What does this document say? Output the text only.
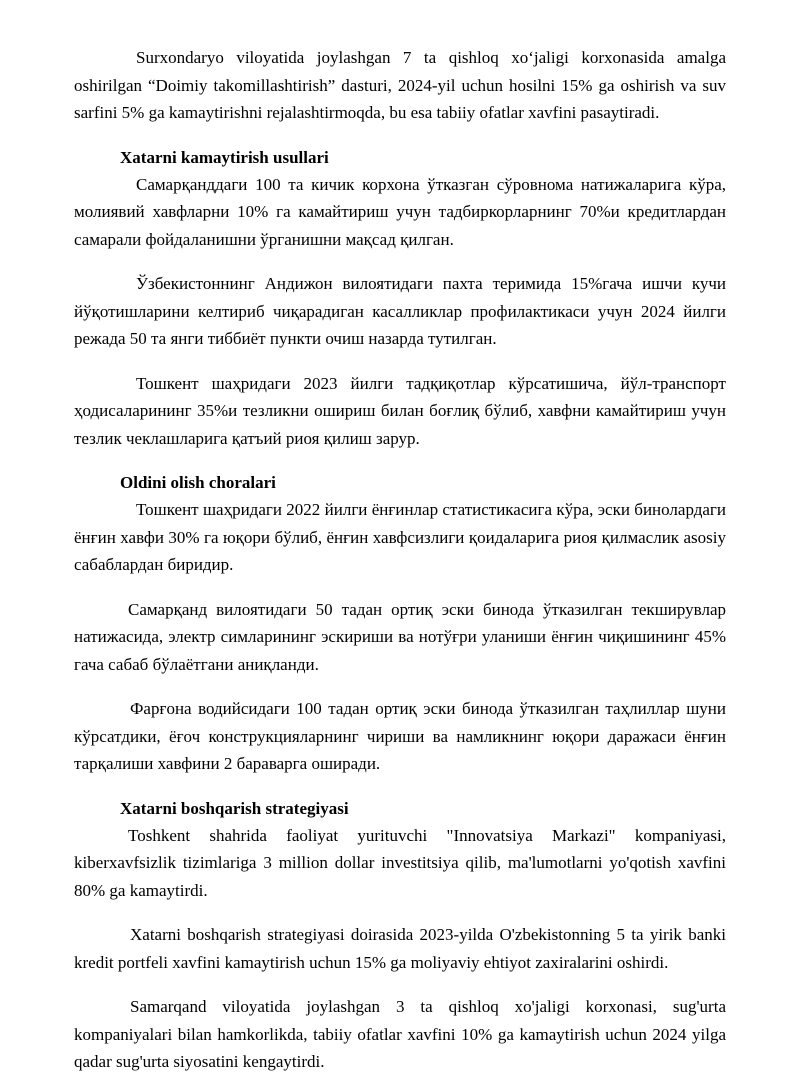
Surxondaryo viloyatida joylashgan 7 ta qishloq xo‘jaligi korxonasida amalga oshirilgan “Doimiy takomillashtirish” dasturi, 2024-yil uchun hosilni 15% ga oshirish va suv sarfini 5% ga kamaytirishni rejalashtirmoqda, bu esa tabiiy ofatlar xavfini pasaytiradi.

Xatarni kamaytirish usullari

Самарқанддаги 100 та кичик корхона ўтказган сўровнома натижаларига кўра, молиявий хавфларни 10% га камайтириш учун тадбиркорларнинг 70%и кредитлардан самарали фойдаланишни ўрганишни мақсад қилган.

Ўзбекистоннинг Андижон вилоятидаги пахта теримида 15%гача ишчи кучи йўқотишларини келтириб чиқарадиган касалликлар профилактикаси учун 2024 йилги режада 50 та янги тиббиёт пункти очиш назарда тутилган.

Тошкент шаҳридаги 2023 йилги тадқиқотлар кўрсатишича, йўл-транспорт ҳодисаларининг 35%и тезликни ошириш билан боғлиқ бўлиб, хавфни камайтириш учун тезлик чеклашларига қатъий риоя қилиш зарур.

Oldini olish choralari

Тошкент шаҳридаги 2022 йилги ёнғинлар статистикасига кўра, эски бинолардаги ёнғин хавфи 30% га юқори бўлиб, ёнғин хавфсизлиги қоидаларига риоя қилмаслик asosiy сабаблардан биридир.

Самарқанд вилоятидаги 50 тадан ортиқ эски бинода ўтказилган текширувлар натижасида, электр симларининг эскириши ва нотўғри уланиши ёнғин чиқишининг 45% гача сабаб бўлаётгани аниқланди.

Фарғона водийсидаги 100 тадан ортиқ эски бинода ўтказилган таҳлиллар шуни кўрсатдики, ёғоч конструкцияларнинг чириши ва намликнинг юқори даражаси ёнғин тарқалиши хавфини 2 бараварга оширади.

Xatarni boshqarish strategiyasi

Toshkent shahrida faoliyat yurituvchi "Innovatsiya Markazi" kompaniyasi, kiberxavfsizlik tizimlariga 3 million dollar investitsiya qilib, ma'lumotlarni yo'qotish xavfini 80% ga kamaytirdi.

Xatarni boshqarish strategiyasi doirasida 2023-yilda O'zbekistonning 5 ta yirik banki kredit portfeli xavfini kamaytirish uchun 15% ga moliyaviy ehtiyot zaxiralarini oshirdi.

Samarqand viloyatida joylashgan 3 ta qishloq xo'jaligi korxonasi, sug'urta kompaniyalari bilan hamkorlikda, tabiiy ofatlar xavfini 10% ga kamaytirish uchun 2024 yilga qadar sug'urta siyosatini kengaytirdi.
